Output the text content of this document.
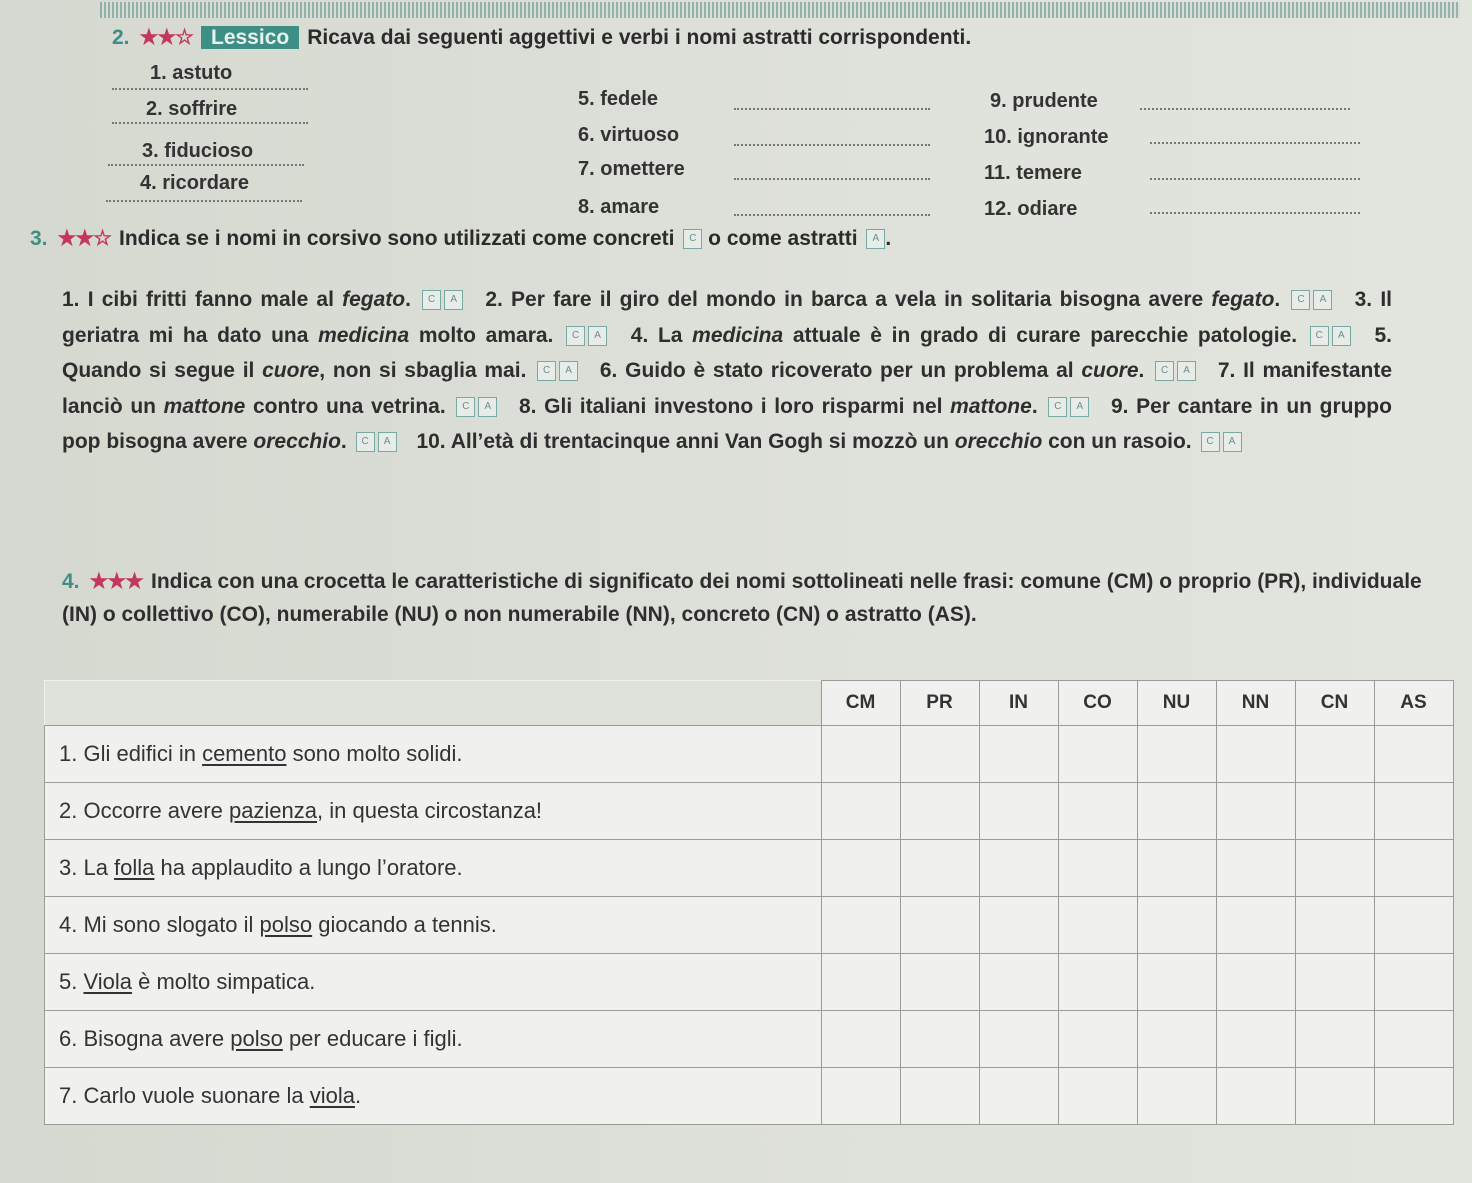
2. ★★☆ Lessico Ricava dai seguenti aggettivi e verbi i nomi astratti corrispondenti.
1. astuto
2. soffrire
3. fiducioso
4. ricordare
5. fedele
6. virtuoso
7. omettere
8. amare
9. prudente
10. ignorante
11. temere
12. odiare
3. ★★☆ Indica se i nomi in corsivo sono utilizzati come concreti C o come astratti A .
1. I cibi fritti fanno male al fegato. C A 2. Per fare il giro del mondo in barca a vela in solitaria bisogna avere fegato. C A 3. Il geriatra mi ha dato una medicina molto amara. C A 4. La medicina attuale è in grado di curare parecchie patologie. C A 5. Quando si segue il cuore, non si sbaglia mai. C A 6. Guido è stato ricoverato per un problema al cuore. C A 7. Il manifestante lanciò un mattone contro una vetrina. C A 8. Gli italiani investono i loro risparmi nel mattone. C A 9. Per cantare in un gruppo pop bisogna avere orecchio. C A 10. All’età di trentacinque anni Van Gogh si mozzò un orecchio con un rasoio. C A
4. ★★★ Indica con una crocetta le caratteristiche di significato dei nomi sottolineati nelle frasi: comune (CM) o proprio (PR), individuale (IN) o collettivo (CO), numerabile (NU) o non numerabile (NN), concreto (CN) o astratto (AS).
	CM	PR	IN	CO	NU	NN	CN	AS
1. Gli edifici in cemento sono molto solidi.								
2. Occorre avere pazienza, in questa circostanza!								
3. La folla ha applaudito a lungo l’oratore.								
4. Mi sono slogato il polso giocando a tennis.								
5. Viola è molto simpatica.								
6. Bisogna avere polso per educare i figli.								
7. Carlo vuole suonare la viola.								
